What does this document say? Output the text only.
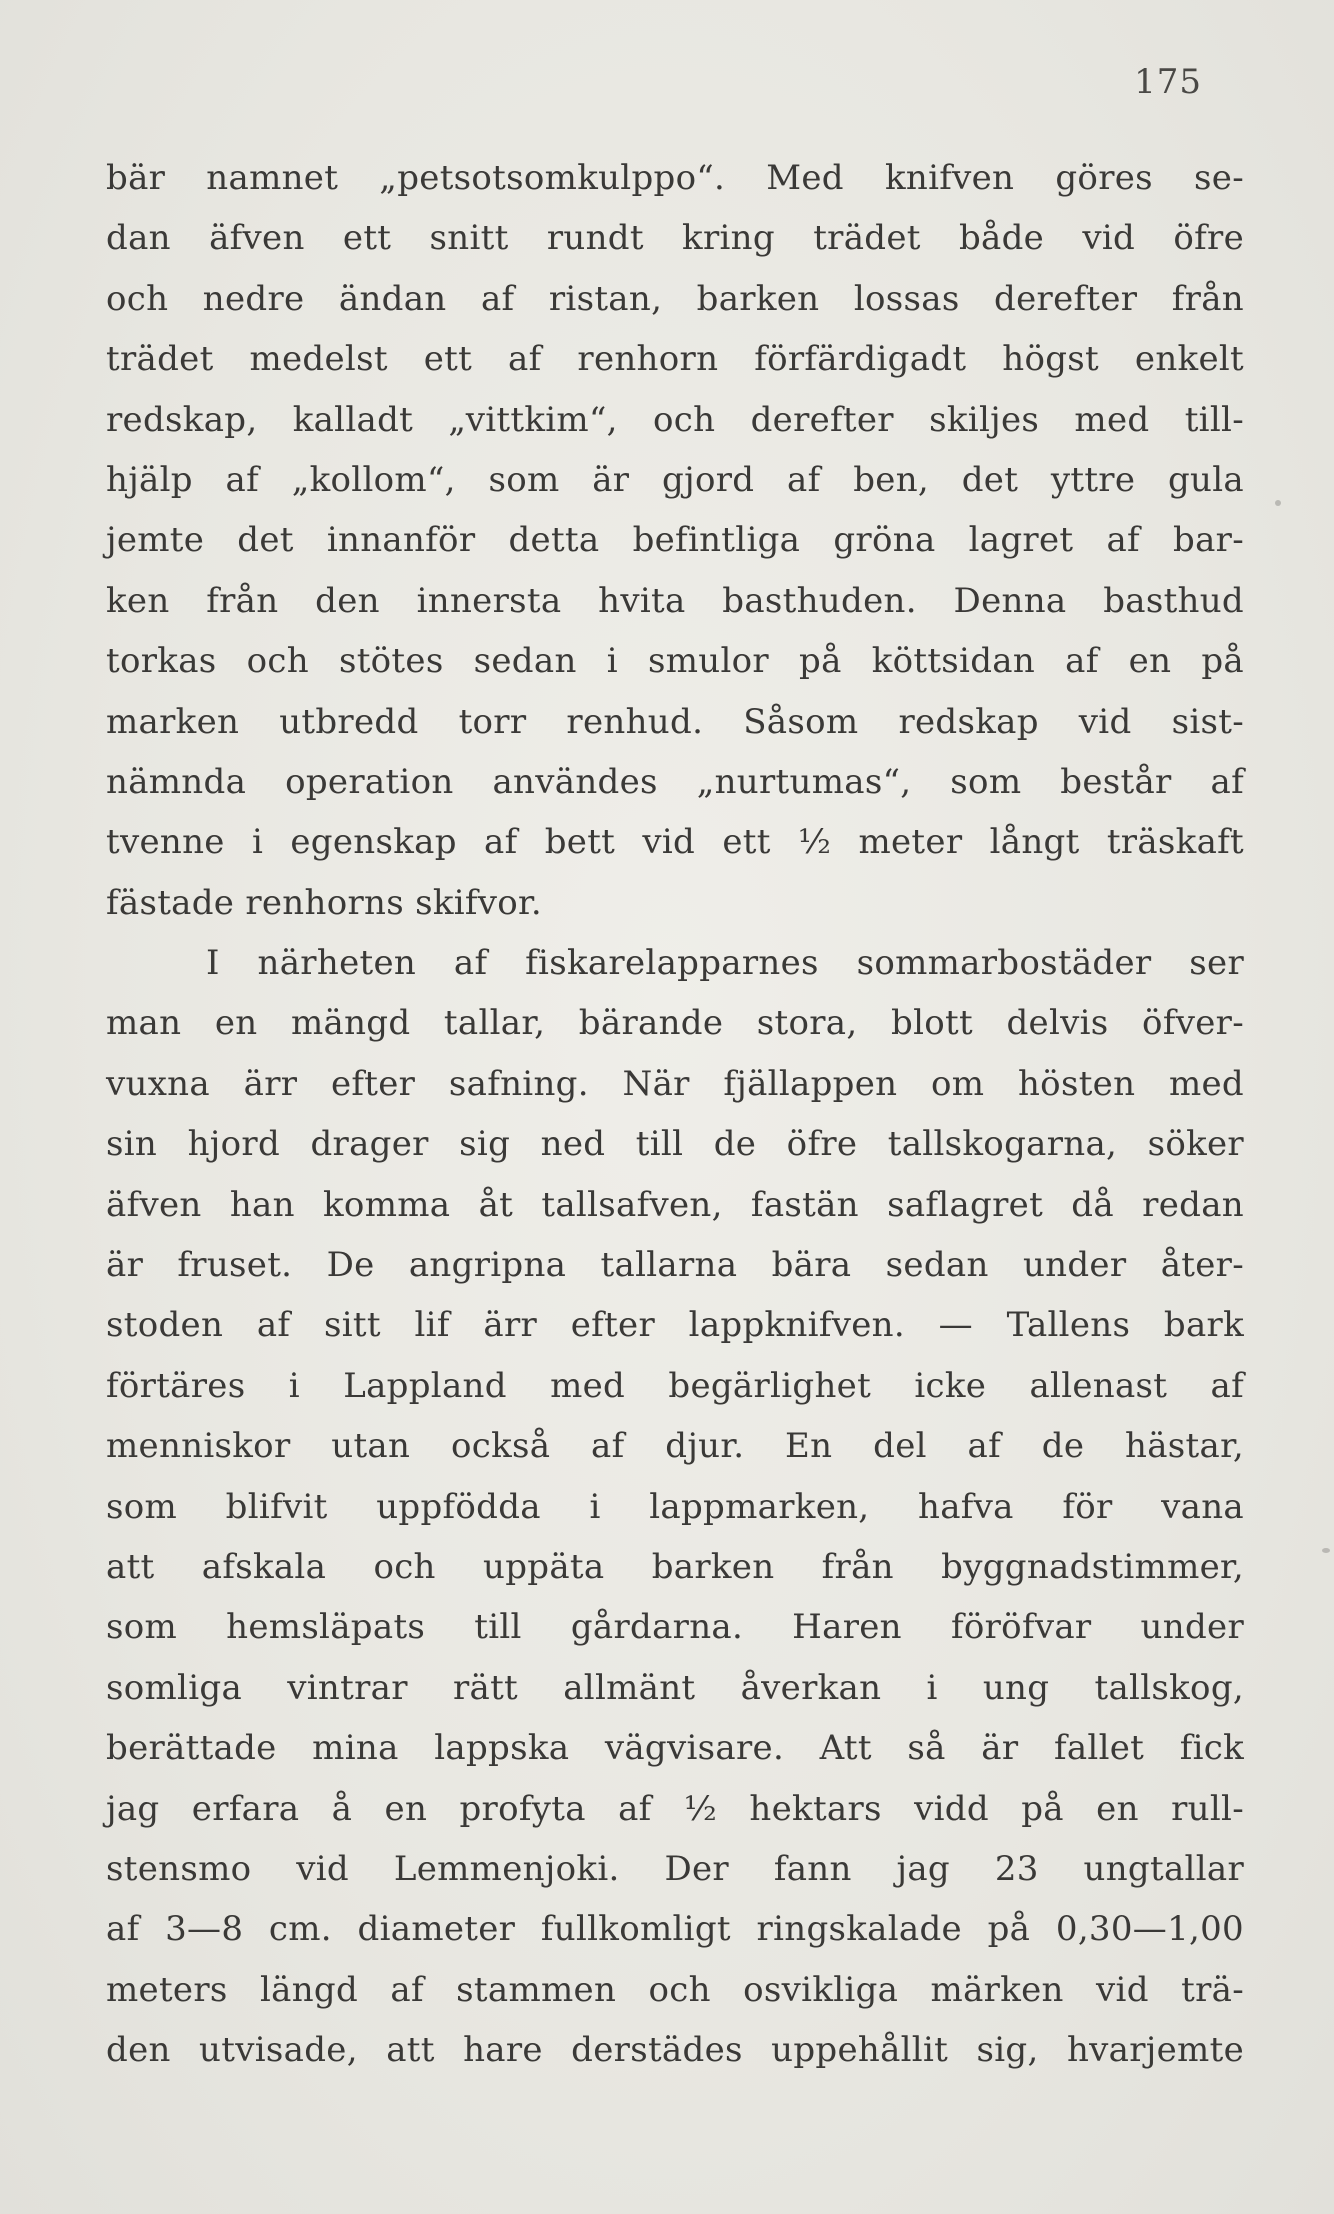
175
bär namnet „petsotsomkulppo“. Med knifven göres se-
dan äfven ett snitt rundt kring trädet både vid öfre
och nedre ändan af ristan, barken lossas derefter från
trädet medelst ett af renhorn förfärdigadt högst enkelt
redskap, kalladt „vittkim“, och derefter skiljes med till-
hjälp af „kollom“, som är gjord af ben, det yttre gula
jemte det innanför detta befintliga gröna lagret af bar-
ken från den innersta hvita basthuden. Denna basthud
torkas och stötes sedan i smulor på köttsidan af en på
marken utbredd torr renhud. Såsom redskap vid sist-
nämnda operation användes „nurtumas“, som består af
tvenne i egenskap af bett vid ett ½ meter långt träskaft
fästade renhorns skifvor.
I närheten af fiskarelapparnes sommarbostäder ser
man en mängd tallar, bärande stora, blott delvis öfver-
vuxna ärr efter safning. När fjällappen om hösten med
sin hjord drager sig ned till de öfre tallskogarna, söker
äfven han komma åt tallsafven, fastän saflagret då redan
är fruset. De angripna tallarna bära sedan under åter-
stoden af sitt lif ärr efter lappknifven. — Tallens bark
förtäres i Lappland med begärlighet icke allenast af
menniskor utan också af djur. En del af de hästar,
som blifvit uppfödda i lappmarken, hafva för vana
att afskala och uppäta barken från byggnadstimmer,
som hemsläpats till gårdarna. Haren föröfvar under
somliga vintrar rätt allmänt åverkan i ung tallskog,
berättade mina lappska vägvisare. Att så är fallet fick
jag erfara å en profyta af ½ hektars vidd på en rull-
stensmo vid Lemmenjoki. Der fann jag 23 ungtallar
af 3—8 cm. diameter fullkomligt ringskalade på 0,30—1,00
meters längd af stammen och osvikliga märken vid trä-
den utvisade, att hare derstädes uppehållit sig, hvarjemte
